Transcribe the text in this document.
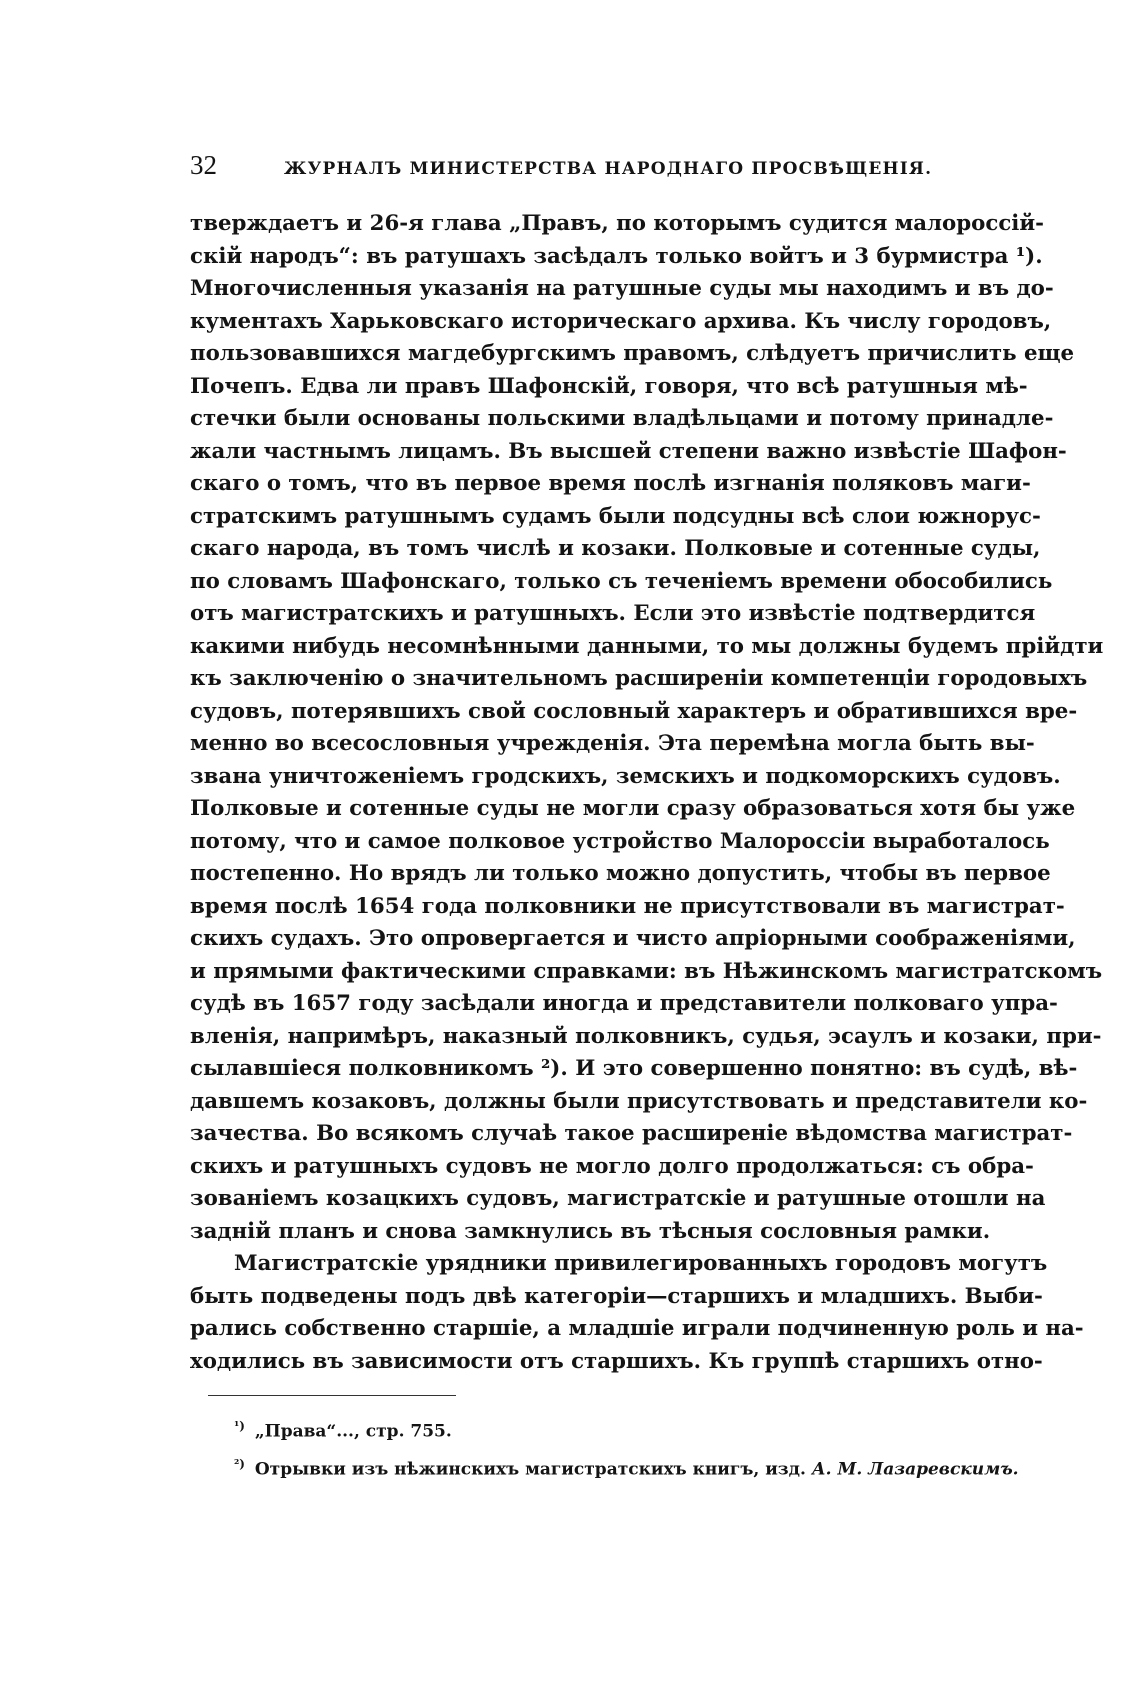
32	ЖУРНАЛЪ МИНИСТЕРСТВА НАРОДНАГО ПРОСВѢЩЕНІЯ.
тверждаетъ и 26-я глава „Правъ, по которымъ судится малороссій-
скій народъ“: въ ратушахъ засѣдалъ только войтъ и 3 бурмистра ¹).
Многочисленныя указанія на ратушные суды мы находимъ и въ до-
кументахъ Харьковскаго историческаго архива. Къ числу городовъ,
пользовавшихся магдебургскимъ правомъ, слѣдуетъ причислить еще
Почепъ. Едва ли правъ Шафонскій, говоря, что всѣ ратушныя мѣ-
стечки были основаны польскими владѣльцами и потому принадле-
жали частнымъ лицамъ. Въ высшей степени важно извѣстіе Шафон-
скаго о томъ, что въ первое время послѣ изгнанія поляковъ маги-
стратскимъ ратушнымъ судамъ были подсудны всѣ слои южнорус-
скаго народа, въ томъ числѣ и козаки. Полковые и сотенные суды,
по словамъ Шафонскаго, только съ теченіемъ времени обособились
отъ магистратскихъ и ратушныхъ. Если это извѣстіе подтвердится
какими нибудь несомнѣнными данными, то мы должны будемъ прійдти
къ заключенію о значительномъ расширеніи компетенціи городовыхъ
судовъ, потерявшихъ свой сословный характеръ и обратившихся вре-
менно во всесословныя учрежденія. Эта перемѣна могла быть вы-
звана уничтоженіемъ гродскихъ, земскихъ и подкоморскихъ судовъ.
Полковые и сотенные суды не могли сразу образоваться хотя бы уже
потому, что и самое полковое устройство Малороссіи выработалось
постепенно. Но врядъ ли только можно допустить, чтобы въ первое
время послѣ 1654 года полковники не присутствовали въ магистрат-
скихъ судахъ. Это опровергается и чисто апріорными соображеніями,
и прямыми фактическими справками: въ Нѣжинскомъ магистратскомъ
судѣ въ 1657 году засѣдали иногда и представители полковаго упра-
вленія, напримѣръ, наказный полковникъ, судья, эсаулъ и козаки, при-
сылавшіеся полковникомъ ²). И это совершенно понятно: въ судѣ, вѣ-
давшемъ козаковъ, должны были присутствовать и представители ко-
зачества. Во всякомъ случаѣ такое расширеніе вѣдомства магистрат-
скихъ и ратушныхъ судовъ не могло долго продолжаться: съ обра-
зованіемъ козацкихъ судовъ, магистратскіе и ратушные отошли на
задній планъ и снова замкнулись въ тѣсныя сословныя рамки.
Магистратскіе урядники привилегированныхъ городовъ могутъ
быть подведены подъ двѣ категоріи—старшихъ и младшихъ. Выби-
рались собственно старшіе, а младшіе играли подчиненную роль и на-
ходились въ зависимости отъ старшихъ. Къ группѣ старшихъ отно-
$^{^1)}$ „Права“..., стр. 755.
$^{^2)}$ Отрывки изъ нѣжинскихъ магистратскихъ книгъ, изд. А. М. Лазаревскимъ.
